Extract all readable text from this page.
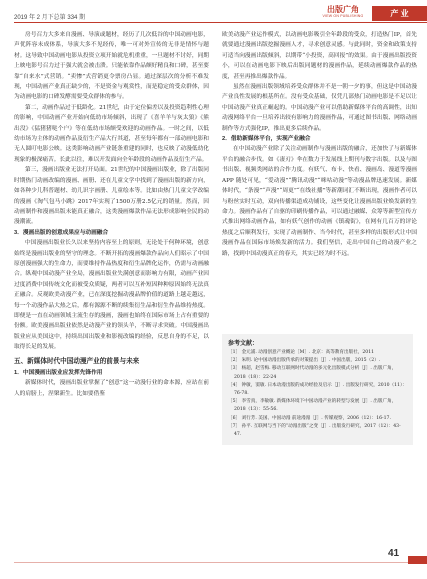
2019 年 2 月下总第 334 期
出版广角
VIEW ON PUBLISHING	产 业

房号召力大多来自漫画、导演或题材，经历了几次低谷的中国动画电影，声优阵容未成体系，导演大多不见经传，唯一可对外宣传的无非是情怀与题材。这导致中国动画电影从投资立项开始就危机重重，一旦题材不讨好，同期上映电影号召力过于强大就会被击溃。只能依靠作品颇好精良和口碑，甚至要靠“自来水”式营销。“卖惨”式营销更令票房凸显。通过深层次的分析不难发现，中国动画产业真正缺少的，不是资金与观赏性，而是稳定的受众群体，因为动画电影的口碑发酵需要受众群体的参与。

第二，动画作品过于低龄化。21世纪，由于定位偏差以及投资趋利性心理的影响，中国动画产业开始向低幼市场倾斜，出现了《喜羊羊与灰太狼》《熊出没》《猛猪猪哒个户》等在低幼市场颇受欢迎的动画作品。一时之间，以低幼市场为主体的动画作品及衍生产品大行其道，甚至每年都有一部动画电影和无人圆叮电影公映。这类影响动画产业链条重建的同时，也反映了动漫低幼化现象的极深痛苦。长此以往，难以开发面向全年龄段的动画作品及衍生产品。

第三，漫画出版业无法打开局面。21世纪的中国漫画出版业，除了出版同时期热门动画改编的漫画、画册、还在儿童文学中找到了漫画出版的新方向，如各种少儿科普题材、幼儿识字画册、儿童绘本等。比如由热门儿童文学改编的漫画《淘气包马小跳》2017年实现了1500万册2.5亿元的销量。然而，因动画制作和漫画出版未能真正融合，这类漫画爆款作品无法形成影响全民的动漫潮流。

3．漫画出版的创意成果应与动画融合

中国漫画出版业长久以来坚持内容至上的原则，无论处于何种环境，创意始终是漫画出版业的坚守的理念。不断开拓的漫画爆款作品向人们昭示了中国原创漫画强大的生命力，而要维持作品热度和衍生品牌化运作，仍需与动画融合。纵观中国动漫产业全局，漫画出版业失满创意而影响力有限，动画产业因过度消费中国传统文化而被受众质疑，两者可以互补短因种种原因始终无法真正融合。反观欧美动漫产业，已在深度挖掘动漫品牌价值的道路上越走越远，每一个动漫作品大热之后，都有源源不断的续集衍生品和衍生作品维持热度。即便是一直在动画领域主流生存的漫画，漫画也始终在国际市场上占有重要的份额。欧美漫画出版业依然是动漫产业的领头羊，不断寻求突破。中国漫画出版业应从美国这中，持续出国出版业和影视改编的经验，反思自身的不足，以取得长足的发展。

五、新媒体时代中国动漫产业的前景与未来

1．中国漫画出版业应发挥先锋作用

新媒体时代，漫画出版业掌握了“创意”这一动漫行业的命本源，应站在前人的肩膀上，涅槃新生。比如要借鉴

欧美动漫产业运作模式，以动画电影吸引全年龄段的受众，打造热门IP，首先就要通过漫画出版挖掘漫画人才，寻求创意灵感。与此同时，资金和政策支持可适当向漫画出版倾斜，以期带“小投资，高回报”的效果。由于漫画出版投资小，可以在动画电影下映后出版同题材的漫画作品，延续动画爆款作品的热度，甚至再推出爆款作品。

虽然在漫画出版领域培养受众群体并不是一朝一夕的事，但这是中国动漫产业良性发展的根基所在。没有受众基础，仅凭几部热门动画电影是不足以让中国动漫产业真正崛起的。中国动漫产业可以借助新媒体平台的高调性，出知动漫网络平台一旦培养出较有影响力的漫画作品，可通过图书出版、网络动画制作等方式强化IP，推出更多后续作品。

2．借助新媒体平台，实现产业融合

在中国动漫产业除了关注动画制作与漫画出版的融合，还加快了与新媒体平台的融合步伐。如《凄刃》伞在数力于发展线上期刊与数字出版。以及与图书出版、视频类网站的合作力度。有妖气、布卡、快看、漫画岛、漫道等漫画APP 随处可见，“爱动漫”“腾讯动漫”“咪咕动漫”等动漫品牌迅速发展。新媒体时代，“条漫”“声漫”“周更”“在线社播”等新潮词汇不断出现，漫画作者可以与粉丝实时互动，双向传播渠道成功铺设，这些变化让漫画出版业焕发新的生命力。漫画作品有了自驱的印刷传播作品，可以通过融媒、众筹等新型宣传方式推出网络动画作品，如有妖气创作的动画《镇魂街》，在网有几百万的评论热度之后顺利发行，实现了动画制作、当今时代，甚至多样的出版形式让中国漫画作品在国际市场焕发新的活力。我们坚信，走出中国自己的动漫产业之路，找到中国动漫真正的春天，其实已经为时不远。

参考文献：
［1］ 金元浦. 动漫创意产业概论［M］. 北京：高等教育出版社，2011
［2］ 朱明. 论中国动漫出版传承的对策提出［J］. 中国出版，2015（2）.
［3］ 杨超，赵雪梅. 移动互联网时代动漫的多元化出版模式分析［J］. 出版广角，2018（18）：22-24
［4］ 钟敏，窦敏. 日本动漫出版的成功经验及启示［J］. 出版发行研究，2010（11）：76-78.
［5］ 李雪真，李敏敏. 新媒体环境下中国动漫产业的转型与发展［J］. 出版广角，2018（13）：55-56.
［6］ 刘行芳. 美国、中国动漫 前途漫漫［J］. 传媒观察，2006（12）：16-17.
［7］ 孙平. 互联网与当下的“动漫出版”之变［J］. 出版发行研究，2017（12）：43-47.
41
